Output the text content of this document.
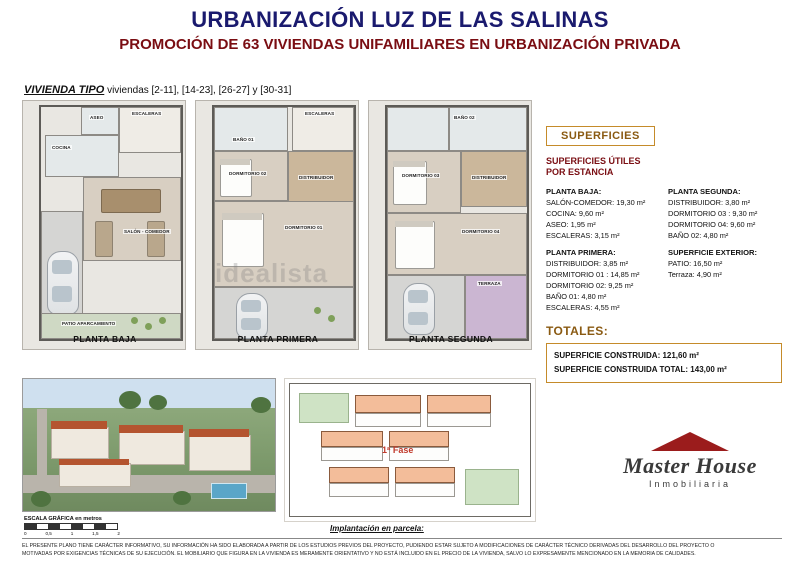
URBANIZACIÓN LUZ DE LAS SALINAS
PROMOCIÓN DE 63 VIVIENDAS UNIFAMILIARES EN URBANIZACIÓN PRIVADA
VIVIENDA TIPO viviendas [2-11], [14-23], [26-27] y [30-31]
ESCALERAS
ASEO
COCINA
SALÓN - COMEDOR
PATIO APARCAMIENTO
PLANTA BAJA
BAÑO 01
ESCALERAS
DORMITORIO 02
DISTRIBUIDOR
DORMITORIO 01
PLANTA PRIMERA
BAÑO 02
DORMITORIO 03	DISTRIBUIDOR
DORMITORIO 04
TERRAZA
PLANTA SEGUNDA
idealista
SUPERFICIES
SUPERFICIES ÚTILES
POR ESTANCIA
PLANTA BAJA:
SALÓN-COMEDOR: 19,30 m²
COCINA: 9,60 m²
ASEO: 1,95 m²
ESCALERAS: 3,15 m²
PLANTA PRIMERA:
DISTRIBUIDOR: 3,85 m²
DORMITORIO 01 : 14,85 m²
DORMITORIO 02: 9,25 m²
BAÑO 01: 4,80 m²
ESCALERAS: 4,55 m²
PLANTA SEGUNDA:
DISTRIBUIDOR: 3,80 m²
DORMITORIO 03 : 9,30 m²
DORMITORIO 04: 9,60 m²
BAÑO 02: 4,80 m²
SUPERFICIE EXTERIOR:
PATIO: 16,50 m²
Terraza: 4,90 m²
TOTALES:
SUPERFICIE CONSTRUIDA: 121,60 m²
SUPERFICIE CONSTRUIDA TOTAL: 143,00 m²
ESCALA GRÁFICA en metros
0	0,5	1	1,5	2
1ª Fase
Implantación en parcela:
Master House
Inmobiliaria
EL PRESENTE PLANO TIENE CARÁCTER INFORMATIVO, SU INFORMACIÓN HA SIDO ELABORADA A PARTIR DE LOS ESTUDIOS PREVIOS DEL PROYECTO, PUDIENDO ESTAR SUJETO A MODIFICACIONES DE CARÁCTER TÉCNICO DERIVADAS DEL DESARROLLO DEL PROYECTO O
MOTIVADAS POR EXIGENCIAS TÉCNICAS DE SU EJECUCIÓN. EL MOBILIARIO QUE FIGURA EN LA VIVIENDA ES MERAMENTE ORIENTATIVO Y NO ESTÁ INCLUIDO EN EL PRECIO DE LA VIVIENDA, SALVO LO EXPRESAMENTE MENCIONADO EN LA MEMORIA DE CALIDADES.
